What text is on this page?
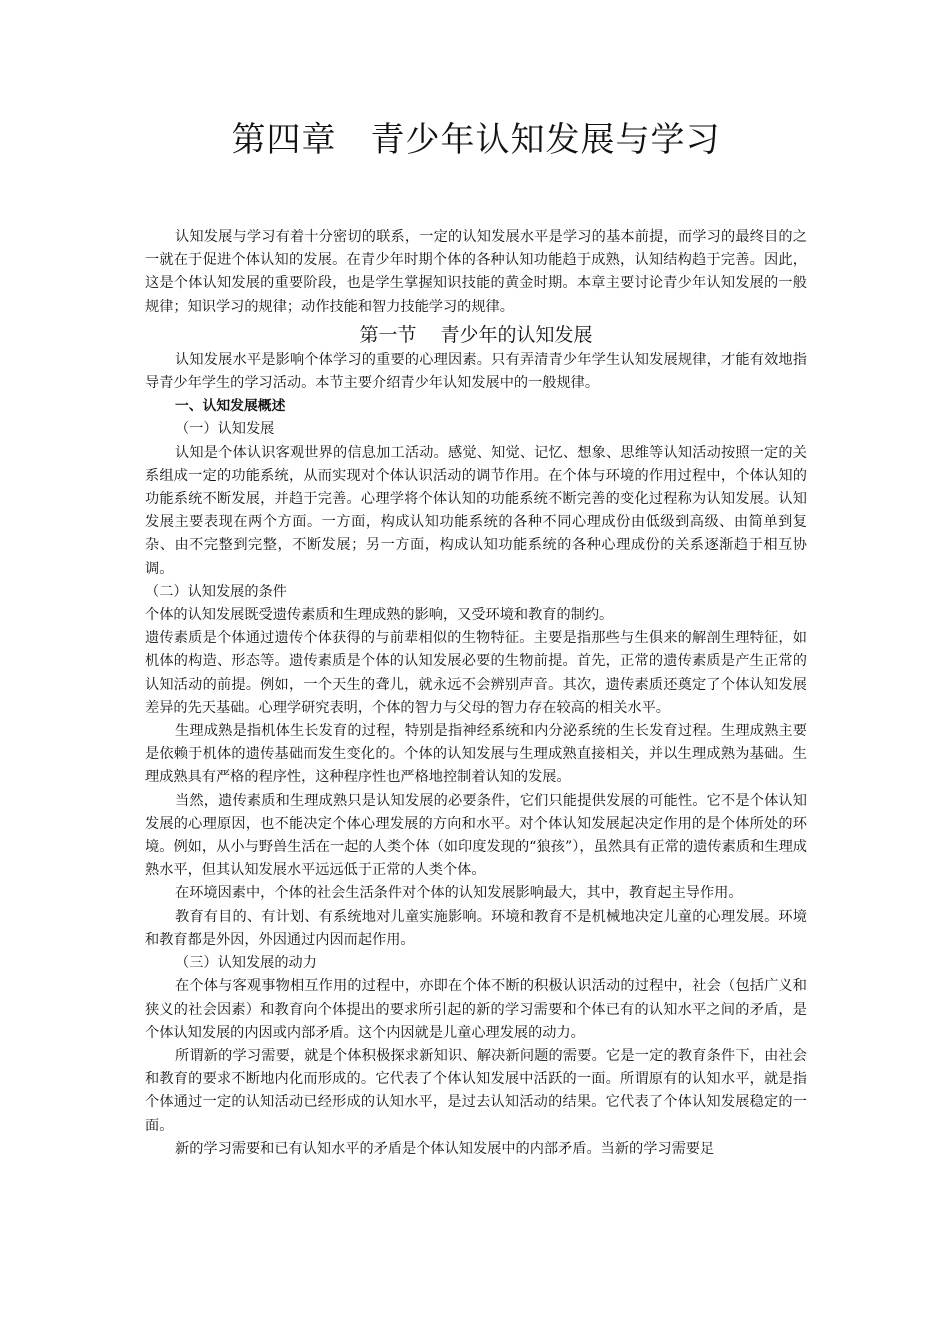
第四章 青少年认知发展与学习

认知发展与学习有着十分密切的联系，一定的认知发展水平是学习的基本前提，而学习的最终目的之一就在于促进个体认知的发展。在青少年时期个体的各种认知功能趋于成熟，认知结构趋于完善。因此，这是个体认知发展的重要阶段，也是学生掌握知识技能的黄金时期。本章主要讨论青少年认知发展的一般规律；知识学习的规律；动作技能和智力技能学习的规律。

第一节 青少年的认知发展

认知发展水平是影响个体学习的重要的心理因素。只有弄清青少年学生认知发展规律，才能有效地指导青少年学生的学习活动。本节主要介绍青少年认知发展中的一般规律。

一、认知发展概述

（一）认知发展

认知是个体认识客观世界的信息加工活动。感觉、知觉、记忆、想象、思维等认知活动按照一定的关系组成一定的功能系统，从而实现对个体认识活动的调节作用。在个体与环境的作用过程中，个体认知的功能系统不断发展，并趋于完善。心理学将个体认知的功能系统不断完善的变化过程称为认知发展。认知发展主要表现在两个方面。一方面，构成认知功能系统的各种不同心理成份由低级到高级、由简单到复杂、由不完整到完整，不断发展；另一方面，构成认知功能系统的各种心理成份的关系逐渐趋于相互协调。

（二）认知发展的条件

个体的认知发展既受遗传素质和生理成熟的影响，又受环境和教育的制约。

遗传素质是个体通过遗传个体获得的与前辈相似的生物特征。主要是指那些与生俱来的解剖生理特征，如机体的构造、形态等。遗传素质是个体的认知发展必要的生物前提。首先，正常的遗传素质是产生正常的认知活动的前提。例如，一个天生的聋儿，就永远不会辨别声音。其次，遗传素质还奠定了个体认知发展差异的先天基础。心理学研究表明，个体的智力与父母的智力存在较高的相关水平。

生理成熟是指机体生长发育的过程，特别是指神经系统和内分泌系统的生长发育过程。生理成熟主要是依赖于机体的遗传基础而发生变化的。个体的认知发展与生理成熟直接相关，并以生理成熟为基础。生理成熟具有严格的程序性，这种程序性也严格地控制着认知的发展。

当然，遗传素质和生理成熟只是认知发展的必要条件，它们只能提供发展的可能性。它不是个体认知发展的心理原因，也不能决定个体心理发展的方向和水平。对个体认知发展起决定作用的是个体所处的环境。例如，从小与野兽生活在一起的人类个体（如印度发现的“狼孩”），虽然具有正常的遗传素质和生理成熟水平，但其认知发展水平远远低于正常的人类个体。

在环境因素中，个体的社会生活条件对个体的认知发展影响最大，其中，教育起主导作用。

教育有目的、有计划、有系统地对儿童实施影响。环境和教育不是机械地决定儿童的心理发展。环境和教育都是外因，外因通过内因而起作用。

（三）认知发展的动力

在个体与客观事物相互作用的过程中，亦即在个体不断的积极认识活动的过程中，社会（包括广义和狭义的社会因素）和教育向个体提出的要求所引起的新的学习需要和个体已有的认知水平之间的矛盾，是个体认知发展的内因或内部矛盾。这个内因就是儿童心理发展的动力。

所谓新的学习需要，就是个体积极探求新知识、解决新问题的需要。它是一定的教育条件下，由社会和教育的要求不断地内化而形成的。它代表了个体认知发展中活跃的一面。所谓原有的认知水平，就是指个体通过一定的认知活动已经形成的认知水平，是过去认知活动的结果。它代表了个体认知发展稳定的一面。

新的学习需要和已有认知水平的矛盾是个体认知发展中的内部矛盾。当新的学习需要足
